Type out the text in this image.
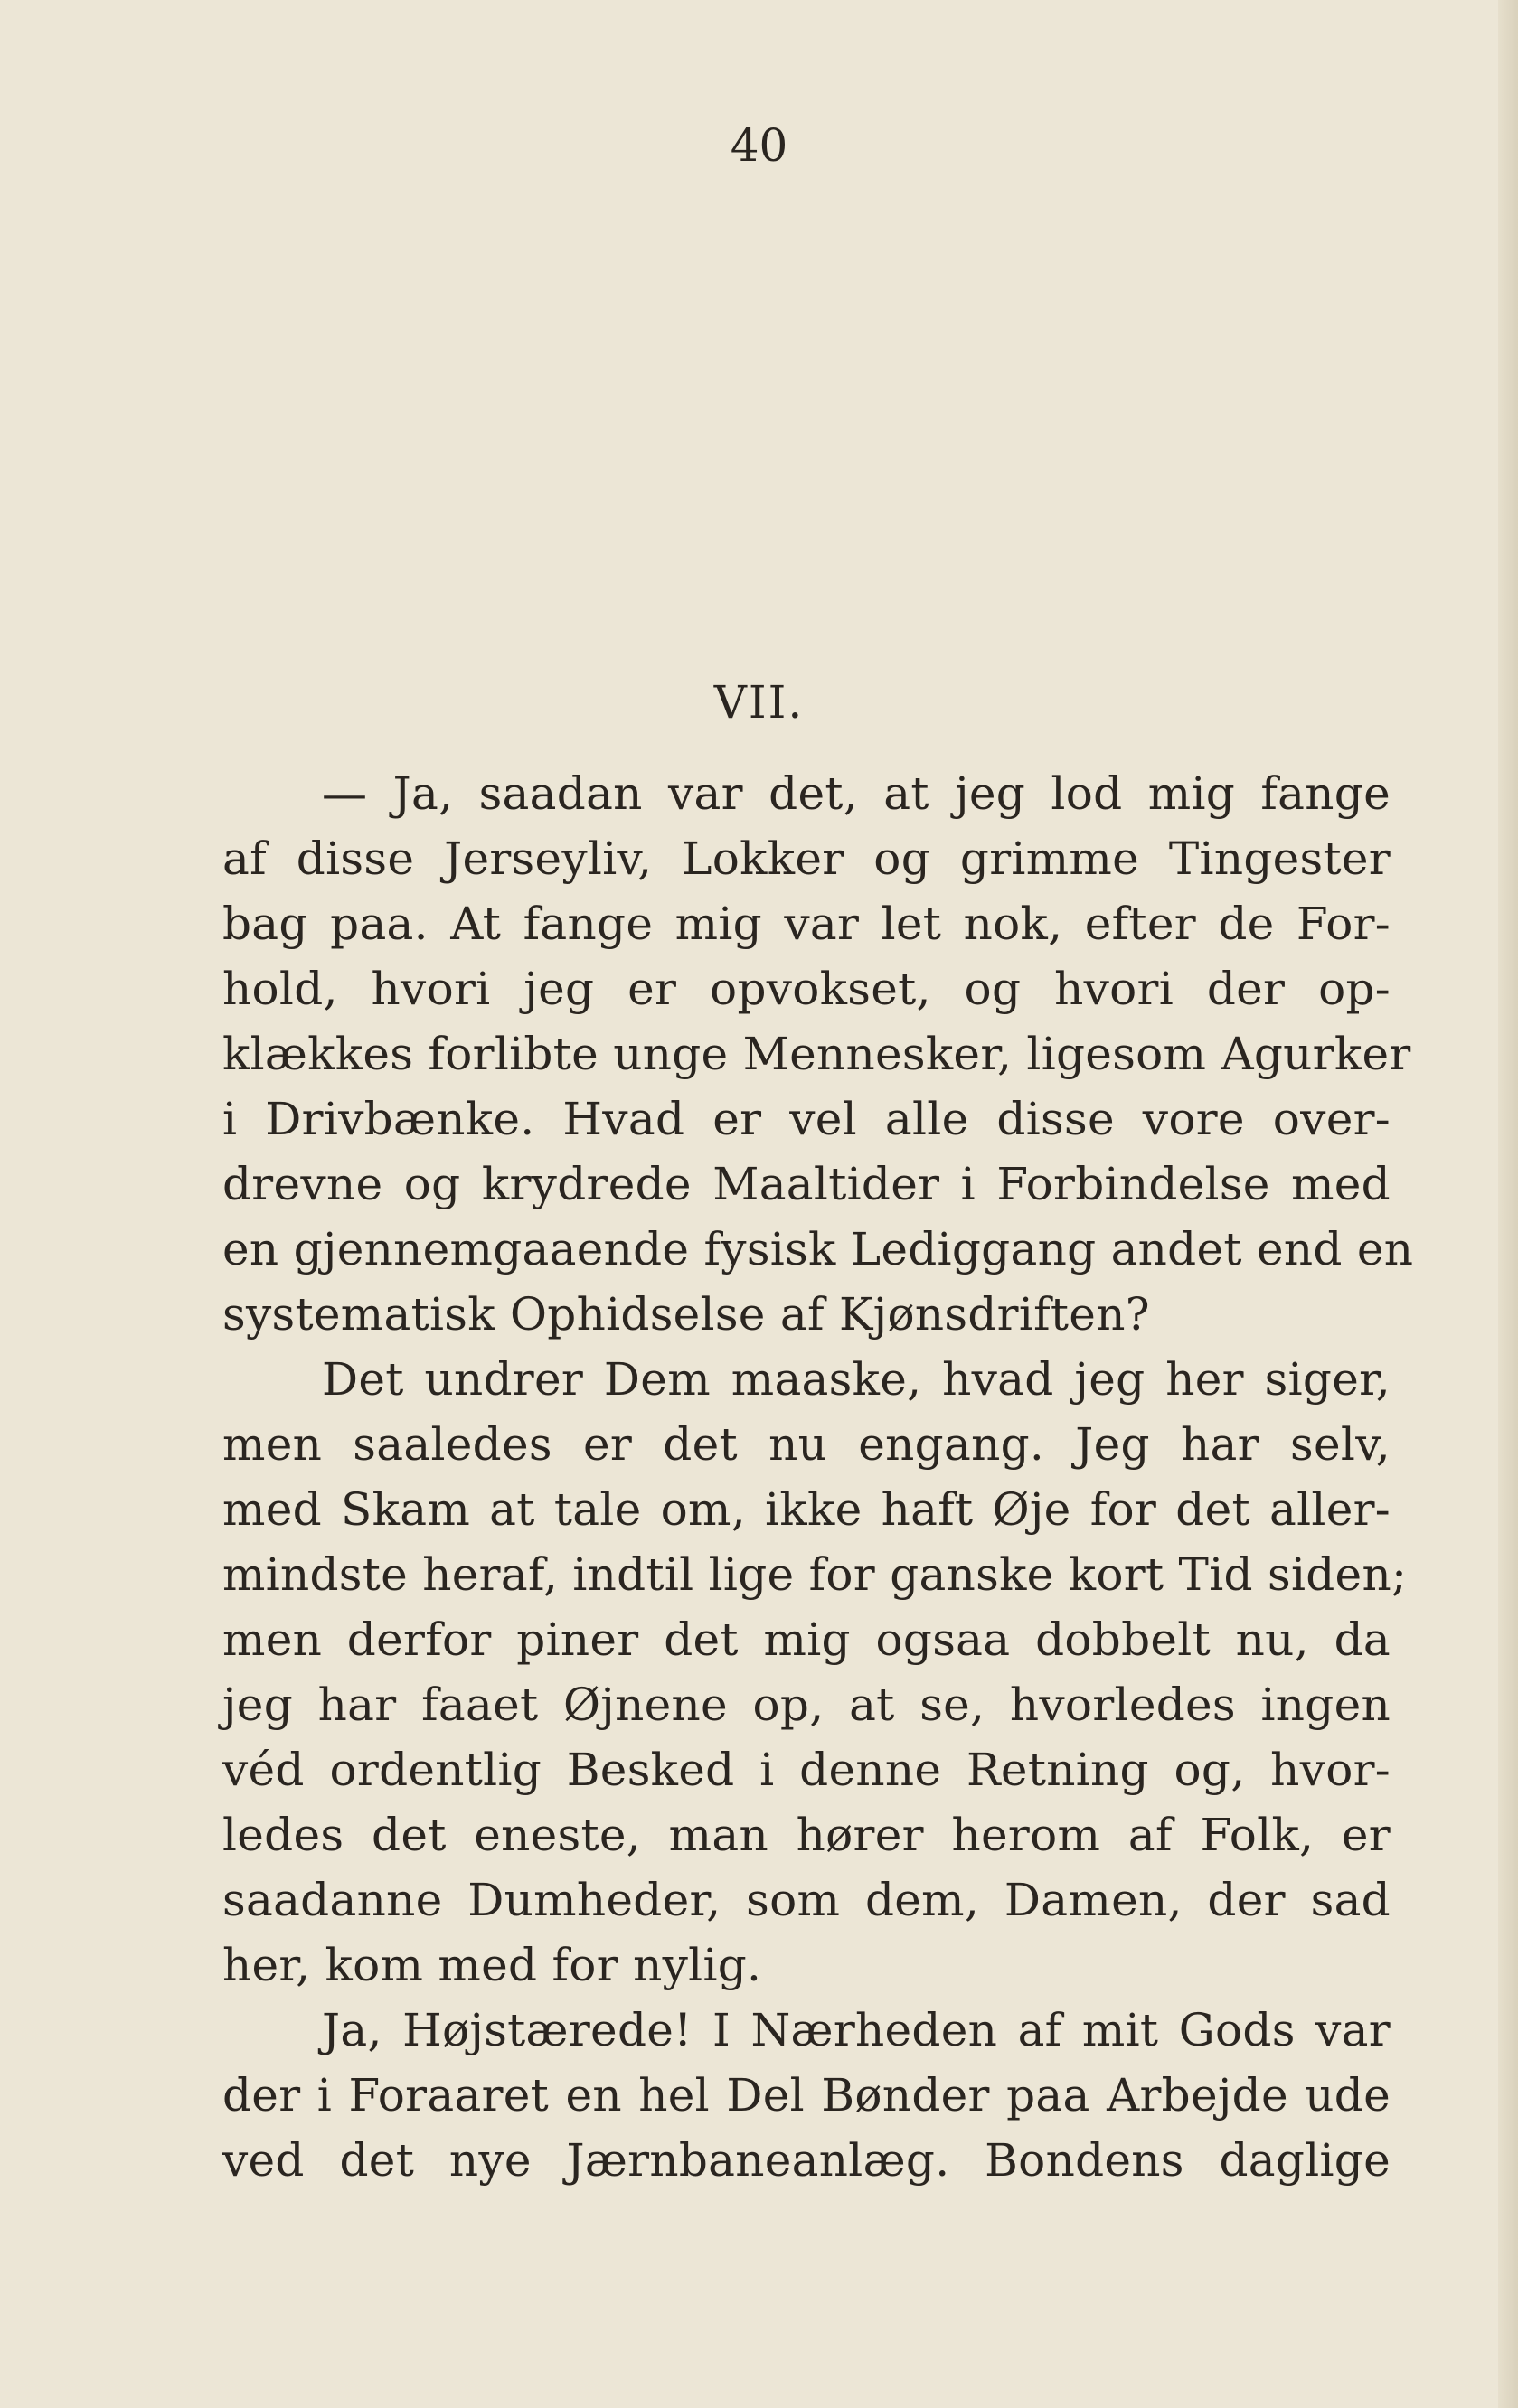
40
VII.
— Ja, saadan var det, at jeg lod mig fange
af disse Jerseyliv, Lokker og grimme Tingester
bag paa. At fange mig var let nok, efter de For-
hold, hvori jeg er opvokset, og hvori der op-
klækkes forlibte unge Mennesker, ligesom Agurker
i Drivbænke. Hvad er vel alle disse vore over-
drevne og krydrede Maaltider i Forbindelse med
en gjennemgaaende fysisk Lediggang andet end en
systematisk Ophidselse af Kjønsdriften?
Det undrer Dem maaske, hvad jeg her siger,
men saaledes er det nu engang. Jeg har selv,
med Skam at tale om, ikke haft Øje for det aller-
mindste heraf, indtil lige for ganske kort Tid siden;
men derfor piner det mig ogsaa dobbelt nu, da
jeg har faaet Øjnene op, at se, hvorledes ingen
véd ordentlig Besked i denne Retning og, hvor-
ledes det eneste, man hører herom af Folk, er
saadanne Dumheder, som dem, Damen, der sad
her, kom med for nylig.
Ja, Højstærede! I Nærheden af mit Gods var
der i Foraaret en hel Del Bønder paa Arbejde ude
ved det nye Jærnbaneanlæg. Bondens daglige
